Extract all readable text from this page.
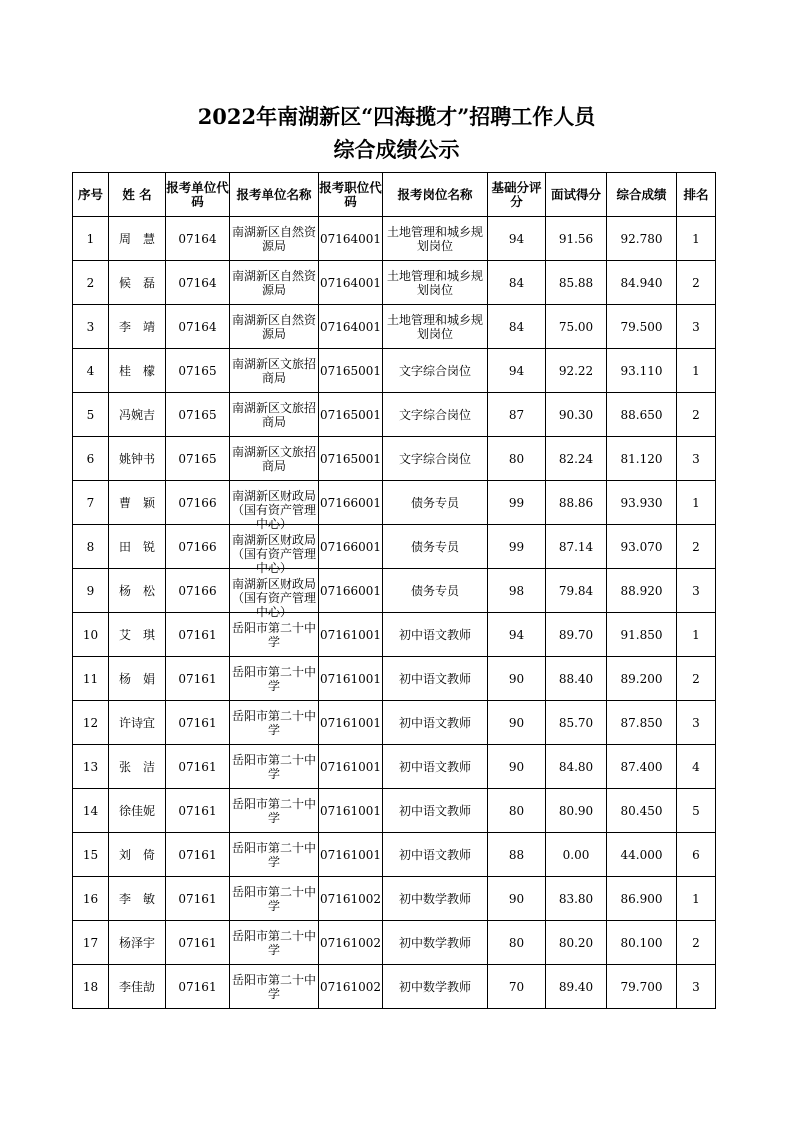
2022年南湖新区“四海揽才”招聘工作人员
综合成绩公示
序号	姓 名	报考单位代码	报考单位名称	报考职位代码	报考岗位名称	基础分评分	面试得分	综合成绩	排名
1	周　慧	07164	南湖新区自然资源局	07164001	土地管理和城乡规划岗位	94	91.56	92.780	1
2	候　磊	07164	南湖新区自然资源局	07164001	土地管理和城乡规划岗位	84	85.88	84.940	2
3	李　靖	07164	南湖新区自然资源局	07164001	土地管理和城乡规划岗位	84	75.00	79.500	3
4	桂　檬	07165	南湖新区文旅招商局	07165001	文字综合岗位	94	92.22	93.110	1
5	冯婉吉	07165	南湖新区文旅招商局	07165001	文字综合岗位	87	90.30	88.650	2
6	姚钟书	07165	南湖新区文旅招商局	07165001	文字综合岗位	80	82.24	81.120	3
7	曹　颖	07166	南湖新区财政局（国有资产管理中心）	07166001	债务专员	99	88.86	93.930	1
8	田　锐	07166	南湖新区财政局（国有资产管理中心）	07166001	债务专员	99	87.14	93.070	2
9	杨　松	07166	南湖新区财政局（国有资产管理中心）	07166001	债务专员	98	79.84	88.920	3
10	艾　琪	07161	岳阳市第二十中学	07161001	初中语文教师	94	89.70	91.850	1
11	杨　娟	07161	岳阳市第二十中学	07161001	初中语文教师	90	88.40	89.200	2
12	许诗宜	07161	岳阳市第二十中学	07161001	初中语文教师	90	85.70	87.850	3
13	张　洁	07161	岳阳市第二十中学	07161001	初中语文教师	90	84.80	87.400	4
14	徐佳妮	07161	岳阳市第二十中学	07161001	初中语文教师	80	80.90	80.450	5
15	刘　倚	07161	岳阳市第二十中学	07161001	初中语文教师	88	0.00	44.000	6
16	李　敏	07161	岳阳市第二十中学	07161002	初中数学教师	90	83.80	86.900	1
17	杨泽宇	07161	岳阳市第二十中学	07161002	初中数学教师	80	80.20	80.100	2
18	李佳劼	07161	岳阳市第二十中学	07161002	初中数学教师	70	89.40	79.700	3
